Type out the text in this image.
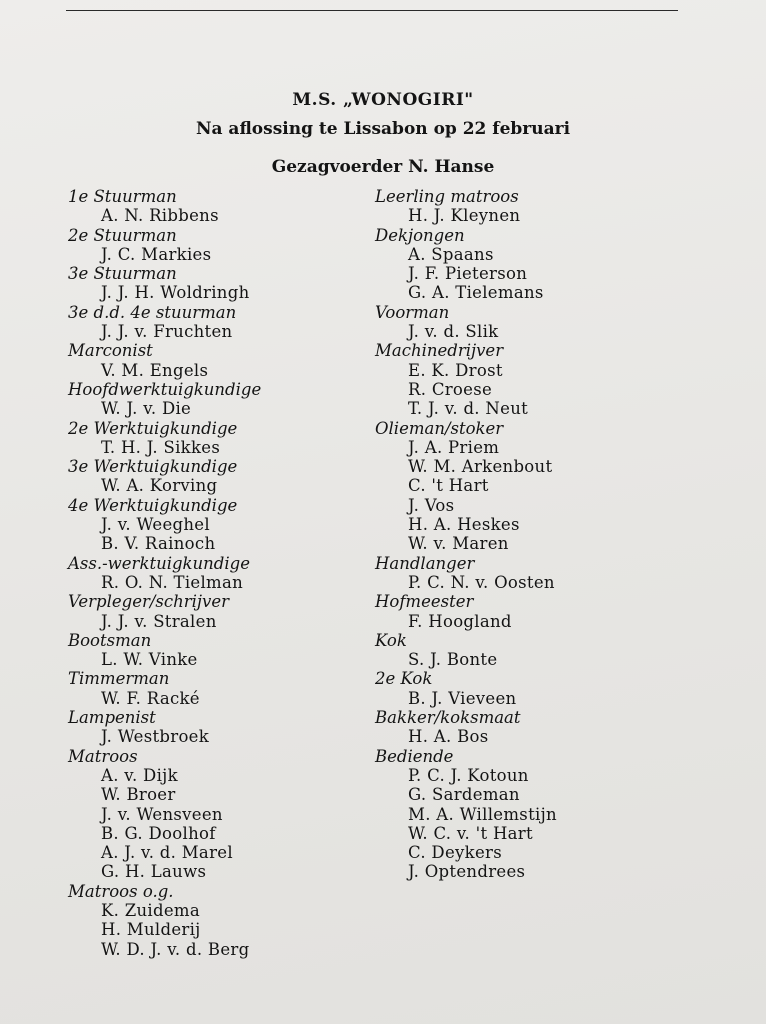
M.S. „WONOGIRI"
Na aflossing te Lissabon op 22 februari
Gezagvoerder N. Hanse
1e Stuurman
A. N. Ribbens
2e Stuurman
J. C. Markies
3e Stuurman
J. J. H. Woldringh
3e d.d. 4e stuurman
J. J. v. Fruchten
Marconist
V. M. Engels
Hoofdwerktuigkundige
W. J. v. Die
2e Werktuigkundige
T. H. J. Sikkes
3e Werktuigkundige
W. A. Korving
4e Werktuigkundige
J. v. Weeghel
B. V. Rainoch
Ass.-werktuigkundige
R. O. N. Tielman
Verpleger/schrijver
J. J. v. Stralen
Bootsman
L. W. Vinke
Timmerman
W. F. Racké
Lampenist
J. Westbroek
Matroos
A. v. Dijk
W. Broer
J. v. Wensveen
B. G. Doolhof
A. J. v. d. Marel
G. H. Lauws
Matroos o.g.
K. Zuidema
H. Mulderij
W. D. J. v. d. Berg
Leerling matroos
H. J. Kleynen
Dekjongen
A. Spaans
J. F. Pieterson
G. A. Tielemans
Voorman
J. v. d. Slik
Machinedrijver
E. K. Drost
R. Croese
T. J. v. d. Neut
Olieman/stoker
J. A. Priem
W. M. Arkenbout
C. 't Hart
J. Vos
H. A. Heskes
W. v. Maren
Handlanger
P. C. N. v. Oosten
Hofmeester
F. Hoogland
Kok
S. J. Bonte
2e Kok
B. J. Vieveen
Bakker/koksmaat
H. A. Bos
Bediende
P. C. J. Kotoun
G. Sardeman
M. A. Willemstijn
W. C. v. 't Hart
C. Deykers
J. Optendrees
